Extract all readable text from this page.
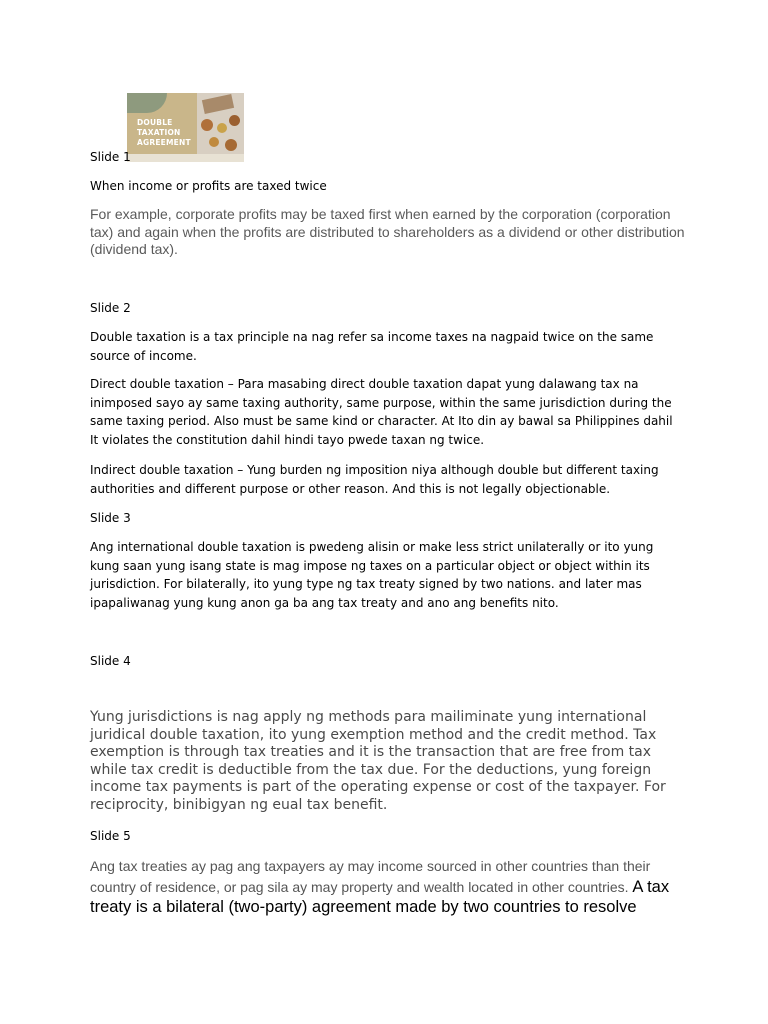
DOUBLE
TAXATION
AGREEMENT

Slide 1

When income or profits are taxed twice

For example, corporate profits may be taxed first when earned by the corporation (corporation tax) and again when the profits are distributed to shareholders as a dividend or other distribution (dividend tax).

Slide 2

Double taxation is a tax principle na nag refer sa income taxes na nagpaid twice on the same source of income.

Direct double taxation – Para masabing direct double taxation dapat yung dalawang tax na inimposed sayo ay same taxing authority, same purpose, within the same jurisdiction during the same taxing period. Also must be same kind or character. At Ito din ay bawal sa Philippines dahil It violates the constitution dahil hindi tayo pwede taxan ng twice.

Indirect double taxation – Yung burden ng imposition niya although double but different taxing authorities and different purpose or other reason. And this is not legally objectionable.

Slide 3

Ang international double taxation is pwedeng alisin or make less strict unilaterally or ito yung kung saan yung isang state is mag impose ng taxes on a particular object or object within its jurisdiction. For bilaterally, ito yung type ng tax treaty signed by two nations. and later mas ipapaliwanag yung kung anon ga ba ang tax treaty and ano ang benefits nito.

Slide 4

Yung jurisdictions is nag apply ng methods para mailiminate yung international juridical double taxation, ito yung exemption method and the credit method. Tax exemption is through tax treaties and it is the transaction that are free from tax while tax credit is deductible from the tax due. For the deductions, yung foreign income tax payments is part of the operating expense or cost of the taxpayer. For reciprocity, binibigyan ng eual tax benefit.

Slide 5

Ang tax treaties ay pag ang taxpayers ay may income sourced in other countries than their country of residence, or pag sila ay may property and wealth located in other countries. A tax treaty is a bilateral (two-party) agreement made by two countries to resolve
